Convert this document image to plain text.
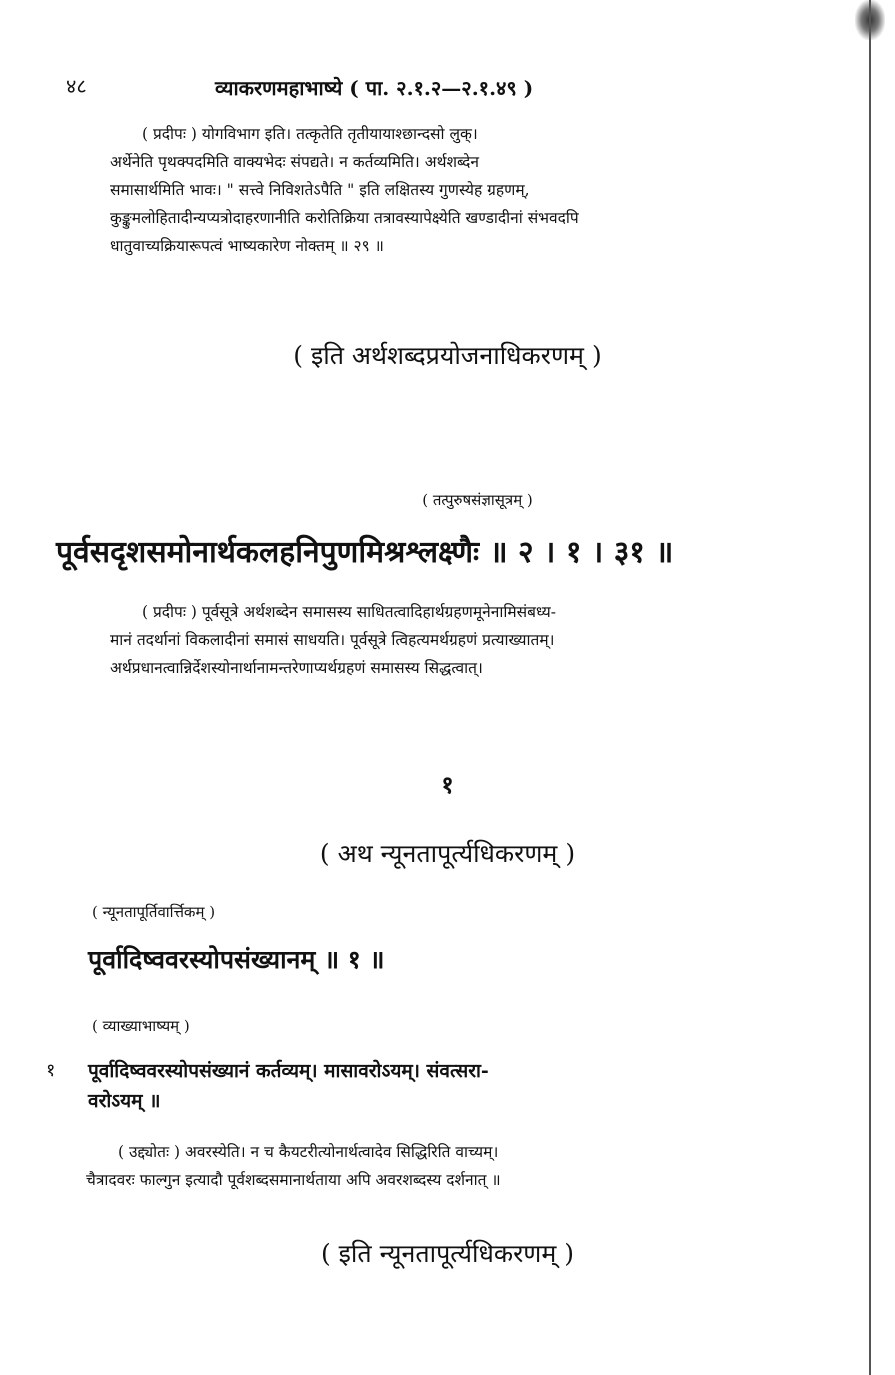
४८	व्याकरणमहाभाष्ये ( पा. २.१.२—२.१.४९ )
( प्रदीपः ) योगविभाग इति। तत्कृतेति तृतीयायाश्छान्दसो लुक्।
अर्थेनेति पृथक्पदमिति वाक्यभेदः संपद्यते। न कर्तव्यमिति। अर्थशब्देन
समासार्थमिति भावः। " सत्त्वे निविशतेऽपैति " इति लक्षितस्य गुणस्येह ग्रहणम्,
कुङ्कुमलोहितादीन्यप्यत्रोदाहरणानीति करोतिक्रिया तत्रावस्यापेक्ष्येति खण्डादीनां संभवदपि
धातुवाच्यक्रियारूपत्वं भाष्यकारेण नोक्तम् ॥ २९ ॥
( इति अर्थशब्दप्रयोजनाधिकरणम् )
( तत्पुरुषसंज्ञासूत्रम् )
पूर्वसदृशसमोनार्थकलहनिपुणमिश्रश्लक्ष्णैः ॥ २ । १ । ३१ ॥
( प्रदीपः ) पूर्वसूत्रे अर्थशब्देन समासस्य साधितत्वादिहार्थग्रहणमूनेनामिसंबध्य-
मानं तदर्थानां विकलादीनां समासं साधयति। पूर्वसूत्रे त्विहत्यमर्थग्रहणं प्रत्याख्यातम्।
अर्थप्रधानत्वान्निर्देशस्योनार्थानामन्तरेणाप्यर्थग्रहणं समासस्य सिद्धत्वात्।
१
( अथ न्यूनतापूर्त्यधिकरणम् )
( न्यूनतापूर्तिवार्त्तिकम् )
पूर्वादिष्ववरस्योपसंख्यानम् ॥ १ ॥
( व्याख्याभाष्यम् )
१ पूर्वादिष्ववरस्योपसंख्यानं कर्तव्यम्। मासावरोऽयम्। संवत्सरा-
वरोऽयम् ॥
( उद्द्योतः ) अवरस्येति। न च कैयटरीत्योनार्थत्वादेव सिद्धिरिति वाच्यम्।
चैत्रादवरः फाल्गुन इत्यादौ पूर्वशब्दसमानार्थताया अपि अवरशब्दस्य दर्शनात् ॥
( इति न्यूनतापूर्त्यधिकरणम् )
